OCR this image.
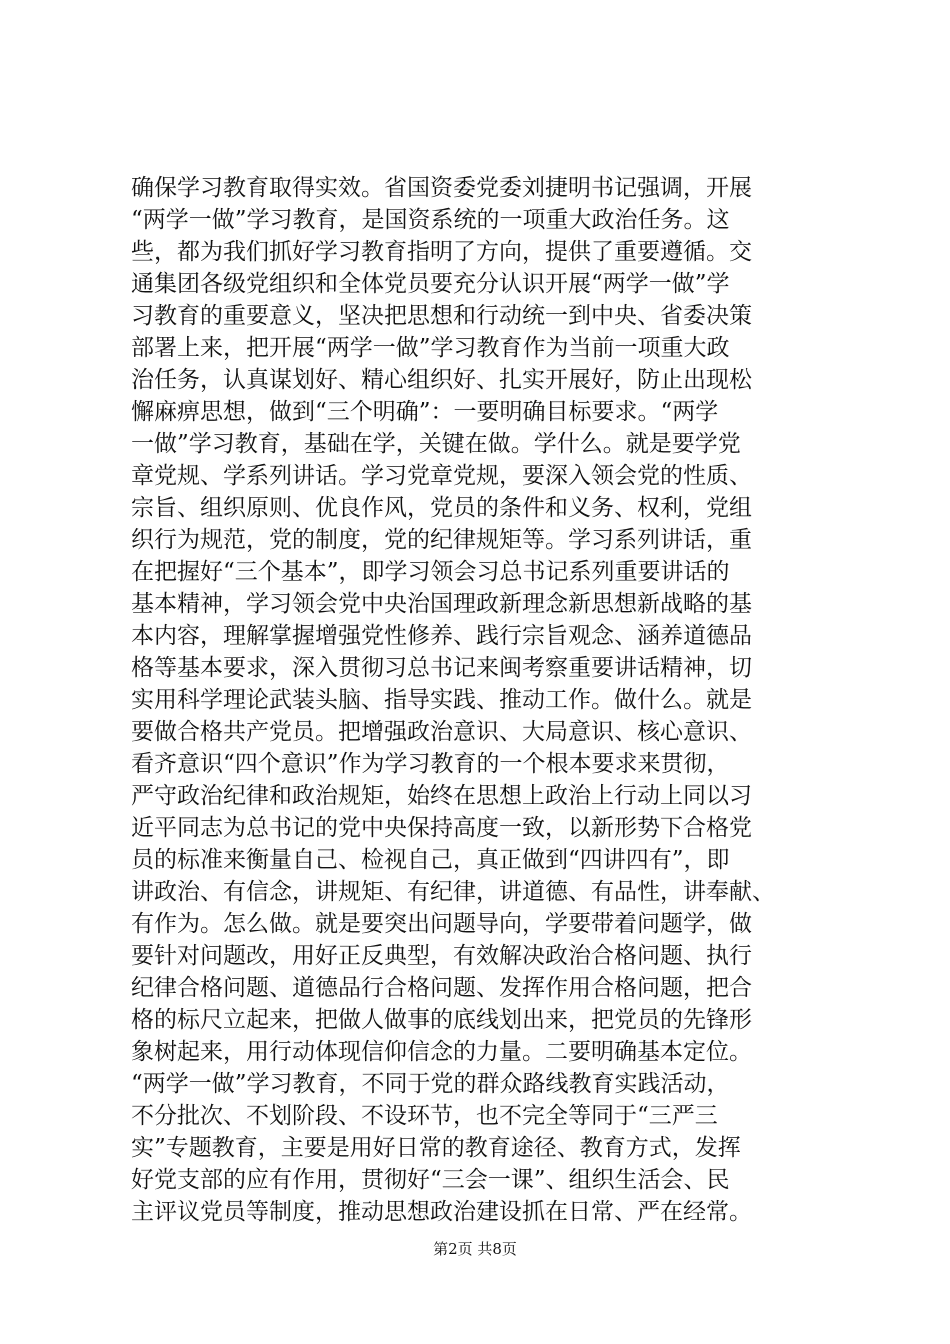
确保学习教育取得实效。省国资委党委刘捷明书记强调，开展
“两学一做”学习教育，是国资系统的一项重大政治任务。这
些，都为我们抓好学习教育指明了方向，提供了重要遵循。交
通集团各级党组织和全体党员要充分认识开展“两学一做”学
习教育的重要意义，坚决把思想和行动统一到中央、省委决策
部署上来，把开展“两学一做”学习教育作为当前一项重大政
治任务，认真谋划好、精心组织好、扎实开展好，防止出现松
懈麻痹思想，做到“三个明确”：一要明确目标要求。“两学
一做”学习教育，基础在学，关键在做。学什么。就是要学党
章党规、学系列讲话。学习党章党规，要深入领会党的性质、
宗旨、组织原则、优良作风，党员的条件和义务、权利，党组
织行为规范，党的制度，党的纪律规矩等。学习系列讲话，重
在把握好“三个基本”，即学习领会习总书记系列重要讲话的
基本精神，学习领会党中央治国理政新理念新思想新战略的基
本内容，理解掌握增强党性修养、践行宗旨观念、涵养道德品
格等基本要求，深入贯彻习总书记来闽考察重要讲话精神，切
实用科学理论武装头脑、指导实践、推动工作。做什么。就是
要做合格共产党员。把增强政治意识、大局意识、核心意识、
看齐意识“四个意识”作为学习教育的一个根本要求来贯彻，
严守政治纪律和政治规矩，始终在思想上政治上行动上同以习
近平同志为总书记的党中央保持高度一致，以新形势下合格党
员的标准来衡量自己、检视自己，真正做到“四讲四有”，即
讲政治、有信念，讲规矩、有纪律，讲道德、有品性，讲奉献、
有作为。怎么做。就是要突出问题导向，学要带着问题学，做
要针对问题改，用好正反典型，有效解决政治合格问题、执行
纪律合格问题、道德品行合格问题、发挥作用合格问题，把合
格的标尺立起来，把做人做事的底线划出来，把党员的先锋形
象树起来，用行动体现信仰信念的力量。二要明确基本定位。
“两学一做”学习教育，不同于党的群众路线教育实践活动，
不分批次、不划阶段、不设环节，也不完全等同于“三严三
实”专题教育，主要是用好日常的教育途径、教育方式，发挥
好党支部的应有作用，贯彻好“三会一课”、组织生活会、民
主评议党员等制度，推动思想政治建设抓在日常、严在经常。
第2页 共8页
